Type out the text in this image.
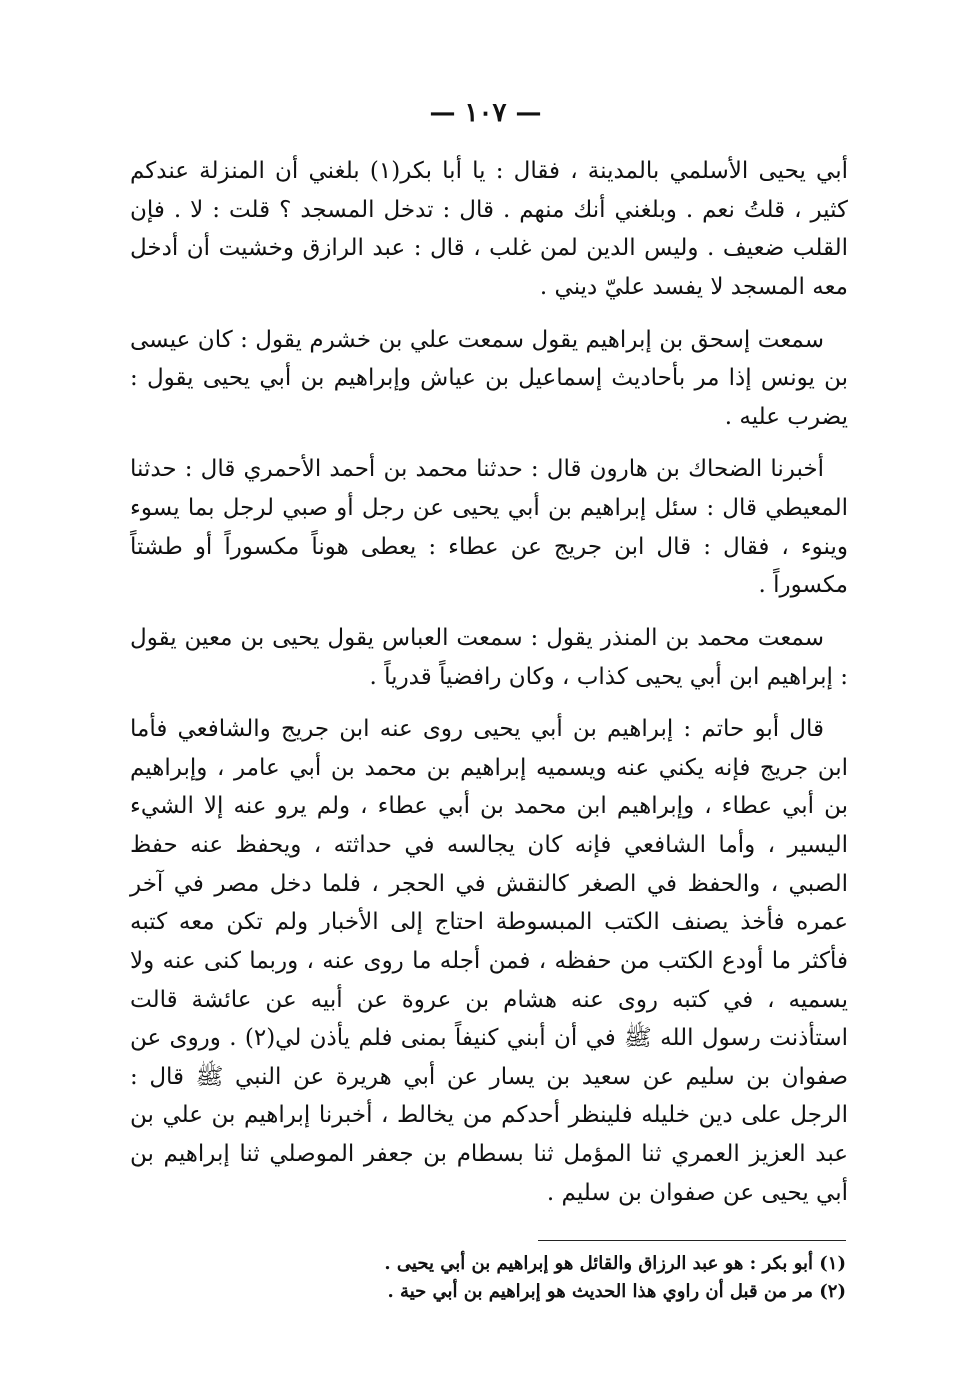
— ١٠٧ —

أبي يحيى الأسلمي بالمدينة ، فقال : يا أبا بكر(١) بلغني أن المنزلة عندكم كثير ، قلتُ نعم . وبلغني أنك منهم . قال : تدخل المسجد ؟ قلت : لا . فإن القلب ضعيف . وليس الدين لمن غلب ، قال : عبد الرازق وخشيت أن أدخل معه المسجد لا يفسد عليّ ديني .

سمعت إسحق بن إبراهيم يقول سمعت علي بن خشرم يقول : كان عيسى بن يونس إذا مر بأحاديث إسماعيل بن عياش وإبراهيم بن أبي يحيى يقول : يضرب عليه .

أخبرنا الضحاك بن هارون قال : حدثنا محمد بن أحمد الأحمري قال : حدثنا المعيطي قال : سئل إبراهيم بن أبي يحيى عن رجل أو صبي لرجل بما يسوء وينوء ، فقال : قال ابن جريج عن عطاء : يعطى هوناً مكسوراً أو طشتاً مكسوراً .

سمعت محمد بن المنذر يقول : سمعت العباس يقول يحيى بن معين يقول : إبراهيم ابن أبي يحيى كذاب ، وكان رافضياً قدرياً .

قال أبو حاتم : إبراهيم بن أبي يحيى روى عنه ابن جريج والشافعي فأما ابن جريج فإنه يكني عنه ويسميه إبراهيم بن محمد بن أبي عامر ، وإبراهيم بن أبي عطاء ، وإبراهيم ابن محمد بن أبي عطاء ، ولم يرو عنه إلا الشيء اليسير ، وأما الشافعي فإنه كان يجالسه في حداثته ، ويحفظ عنه حفظ الصبي ، والحفظ في الصغر كالنقش في الحجر ، فلما دخل مصر في آخر عمره فأخذ يصنف الكتب المبسوطة احتاج إلى الأخبار ولم تكن معه كتبه فأكثر ما أودع الكتب من حفظه ، فمن أجله ما روى عنه ، وربما كنى عنه ولا يسميه ، في كتبه روى عنه هشام بن عروة عن أبيه عن عائشة قالت استأذنت رسول الله ﷺ في أن أبني كنيفاً بمنى فلم يأذن لي(٢) . وروى عن صفوان بن سليم عن سعيد بن يسار عن أبي هريرة عن النبي ﷺ قال : الرجل على دين خليله فلينظر أحدكم من يخالط ، أخبرنا إبراهيم بن علي بن عبد العزيز العمري ثنا المؤمل ثنا بسطام بن جعفر الموصلي ثنا إبراهيم بن أبي يحيى عن صفوان بن سليم .

(١) أبو بكر : هو عبد الرزاق والقائل هو إبراهيم بن أبي يحيى .

(٢) مر من قبل أن راوي هذا الحديث هو إبراهيم بن أبي حية .
